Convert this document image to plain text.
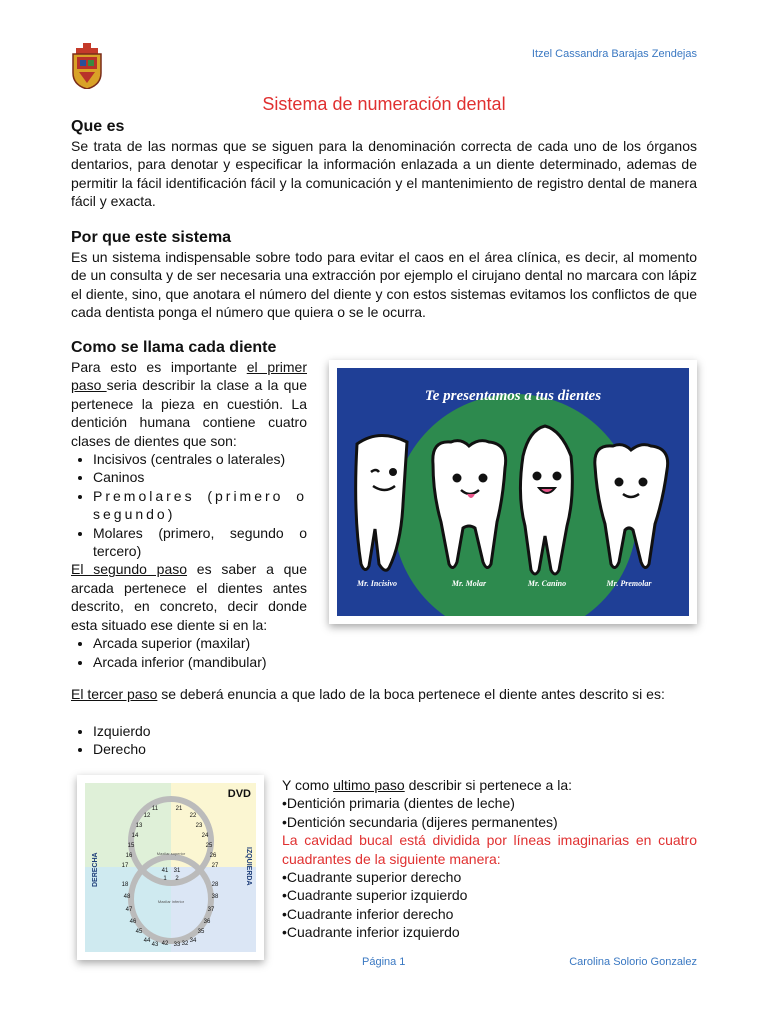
Itzel Cassandra Barajas Zendejas
Sistema de numeración dental
Que es

Se trata de las normas que se siguen para la denominación correcta de cada uno de los órganos dentarios, para denotar y especificar la información enlazada a un diente determinado, ademas de permitir la fácil identificación fácil y la comunicación y el mantenimiento de registro dental de manera fácil y exacta.

Por que este sistema

Es un sistema indispensable sobre todo para evitar el caos en el área clínica, es decir, al momento de un consulta y de ser necesaria una extracción por ejemplo el cirujano dental no marcara con lápiz el diente, sino, que anotara el número del diente y con estos sistemas evitamos los conflictos de que cada dentista ponga el número que quiera o se le ocurra.

Como se llama cada diente

Para esto es importante el primer paso seria describir la clase a la que pertenece la pieza en cuestión. La dentición humana contiene cuatro clases de dientes que son:

• Incisivos (centrales o laterales)
• Caninos
• Premolares (primero o segundo)
• Molares (primero, segundo o tercero)

El segundo paso es saber a que arcada pertenece el dientes antes descrito, en concreto, decir donde esta situado ese diente si en la:

• Arcada superior (maxilar)
• Arcada inferior (mandibular)
Te presentamos a tus dientes
Mr. Incisivo	Mr. Molar	Mr. Canino	Mr. Premolar

El tercer paso se deberá enuncia a que lado de la boca pertenece el diente antes descrito si es:

• Izquierdo
• Derecho
DVD
DERECHA	IZQUIERDA
Maxilar superior
Maxilar inferior
11	21
12	22
13	23
14	24
15	25
16	26
17	27
18	28
48	38
47	37
46	36
45	35
44	34
43	33
42 32
41 31
1 2
Y como ultimo paso describir si pertenece a la:
•Dentición primaria (dientes de leche)
•Dentición secundaria (dijeres permanentes)

La cavidad bucal está dividida por líneas imaginarias en cuatro cuadrantes de la siguiente manera:

•Cuadrante superior derecho
•Cuadrante superior izquierdo
•Cuadrante inferior derecho
•Cuadrante inferior izquierdo
Página 1	Carolina Solorio Gonzalez
